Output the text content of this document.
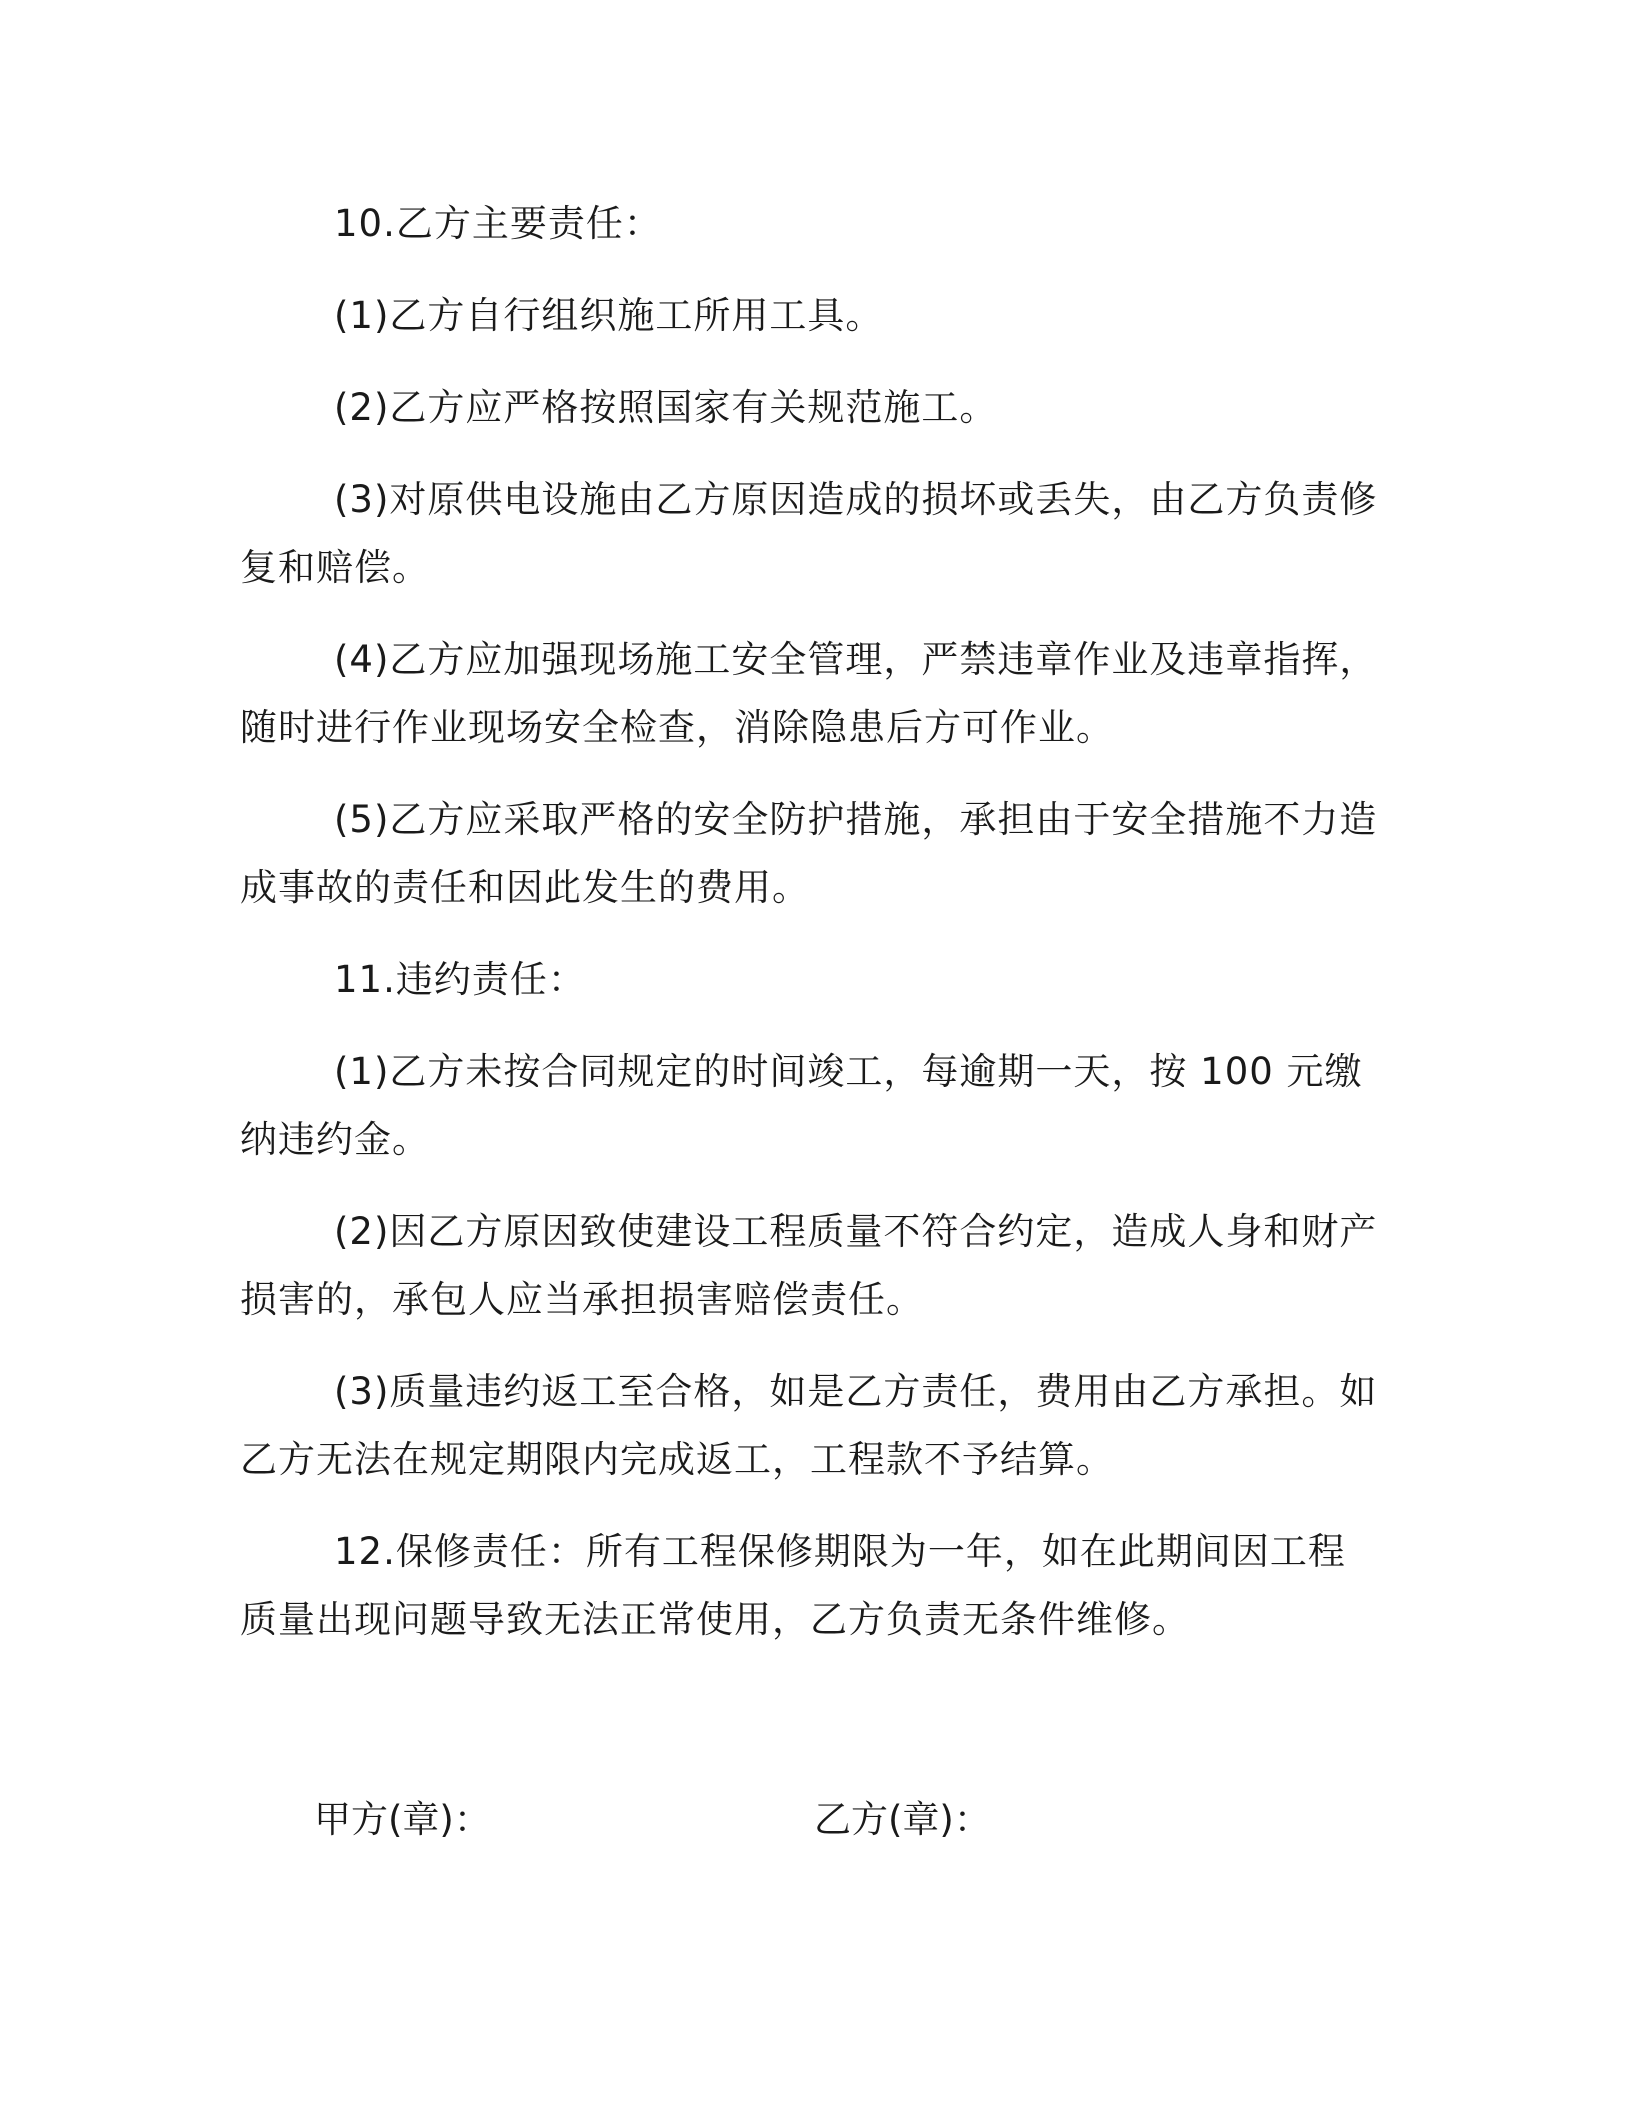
10.乙方主要责任：

(1)乙方自行组织施工所用工具。

(2)乙方应严格按照国家有关规范施工。

(3)对原供电设施由乙方原因造成的损坏或丢失，由乙方负责修复和赔偿。

(4)乙方应加强现场施工安全管理，严禁违章作业及违章指挥，随时进行作业现场安全检查，消除隐患后方可作业。

(5)乙方应采取严格的安全防护措施，承担由于安全措施不力造成事故的责任和因此发生的费用。

11.违约责任：

(1)乙方未按合同规定的时间竣工，每逾期一天，按 100 元缴纳违约金。

(2)因乙方原因致使建设工程质量不符合约定，造成人身和财产损害的，承包人应当承担损害赔偿责任。

(3)质量违约返工至合格，如是乙方责任，费用由乙方承担。如乙方无法在规定期限内完成返工，工程款不予结算。

12.保修责任：所有工程保修期限为一年，如在此期间因工程质量出现问题导致无法正常使用，乙方负责无条件维修。

甲方(章)：	乙方(章)：
